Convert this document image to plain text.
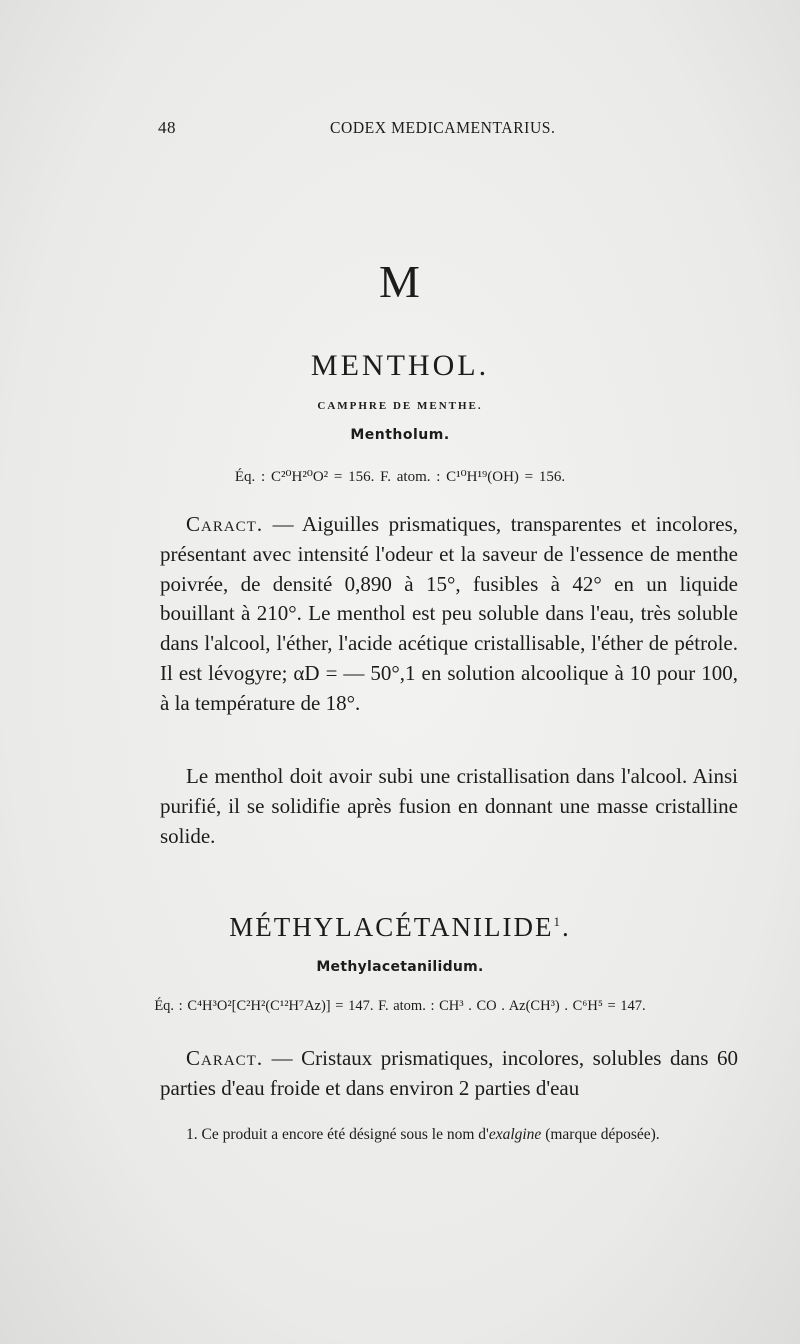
48	CODEX MEDICAMENTARIUS.
M
MENTHOL.
CAMPHRE DE MENTHE.
Mentholum.
Éq. : C²⁰H²⁰O² = 156. F. atom. : C¹⁰H¹⁹(OH) = 156.

Caract. — Aiguilles prismatiques, transparentes et incolores, présentant avec intensité l'odeur et la saveur de l'essence de menthe poivrée, de densité 0,890 à 15°, fusibles à 42° en un liquide bouillant à 210°. Le menthol est peu soluble dans l'eau, très soluble dans l'alcool, l'éther, l'acide acétique cristallisable, l'éther de pétrole. Il est lévogyre; αD = — 50°,1 en solution alcoolique à 10 pour 100, à la température de 18°.

Le menthol doit avoir subi une cristallisation dans l'alcool. Ainsi purifié, il se solidifie après fusion en donnant une masse cristalline solide.

MÉTHYLACÉTANILIDE$^1$.
Methylacetanilidum.
Éq. : C⁴H³O²[C²H²(C¹²H⁷Az)] = 147. F. atom. : CH³ . CO . Az(CH³) . C⁶H⁵ = 147.

Caract. — Cristaux prismatiques, incolores, solubles dans 60 parties d'eau froide et dans environ 2 parties d'eau

1. Ce produit a encore été désigné sous le nom d'exalgine (marque déposée).
